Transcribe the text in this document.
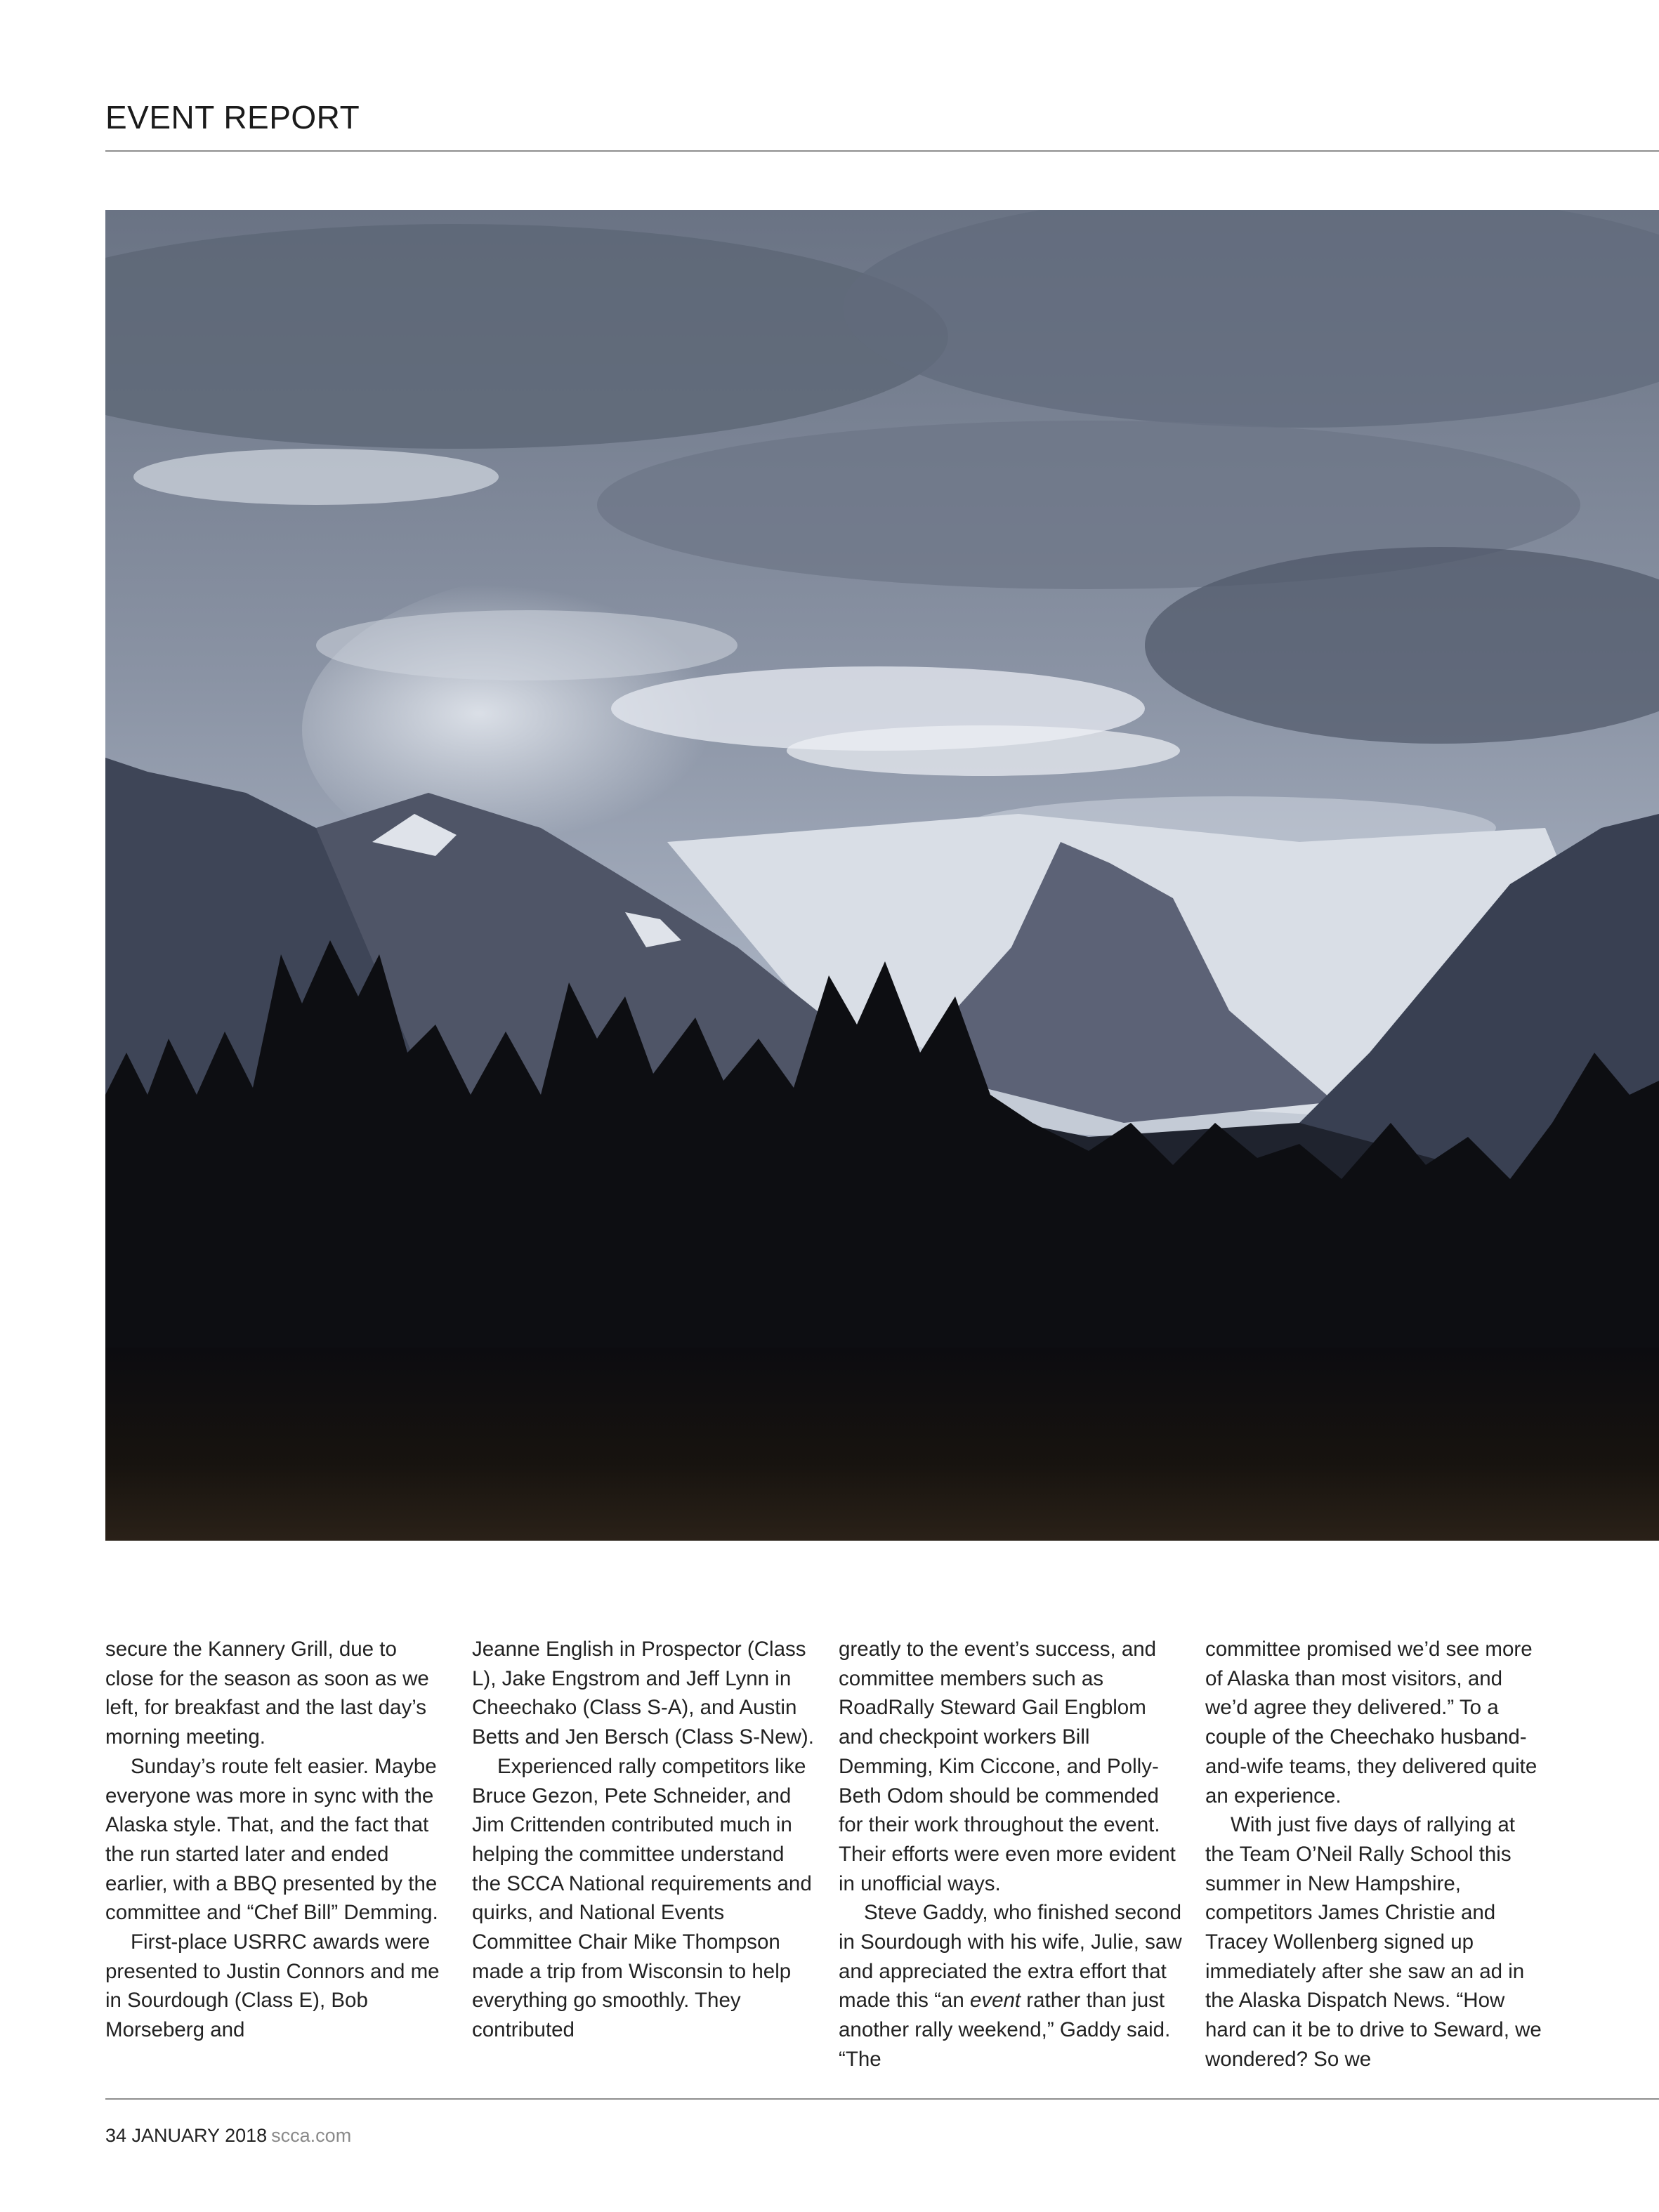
EVENT REPORT

secure the Kannery Grill, due to close for the season as soon as we left, for breakfast and the last day’s morning meeting.

Sunday’s route felt easier. Maybe everyone was more in sync with the Alaska style. That, and the fact that the run started later and ended earlier, with a BBQ presented by the committee and “Chef Bill” Demming.

First-place USRRC awards were presented to Justin Connors and me in Sourdough (Class E), Bob Morseberg and

Jeanne English in Prospector (Class L), Jake Engstrom and Jeff Lynn in Cheechako (Class S-A), and Austin Betts and Jen Bersch (Class S-New).

Experienced rally competitors like Bruce Gezon, Pete Schneider, and Jim Crittenden contributed much in helping the committee understand the SCCA National requirements and quirks, and National Events Committee Chair Mike Thompson made a trip from Wisconsin to help everything go smoothly. They contributed

greatly to the event’s success, and committee members such as RoadRally Steward Gail Engblom and checkpoint workers Bill Demming, Kim Ciccone, and Polly-Beth Odom should be commended for their work throughout the event. Their efforts were even more evident in unofficial ways.

Steve Gaddy, who finished second in Sourdough with his wife, Julie, saw and appreciated the extra effort that made this “an event rather than just another rally weekend,” Gaddy said. “The

committee promised we’d see more of Alaska than most visitors, and we’d agree they delivered.” To a couple of the Cheechako husband-and-wife teams, they delivered quite an experience.

With just five days of rallying at the Team O’Neil Rally School this summer in New Hampshire, competitors James Christie and Tracey Wollenberg signed up immediately after she saw an ad in the Alaska Dispatch News. “How hard can it be to drive to Seward, we wondered? So we

34 JANUARY 2018 scca.com
